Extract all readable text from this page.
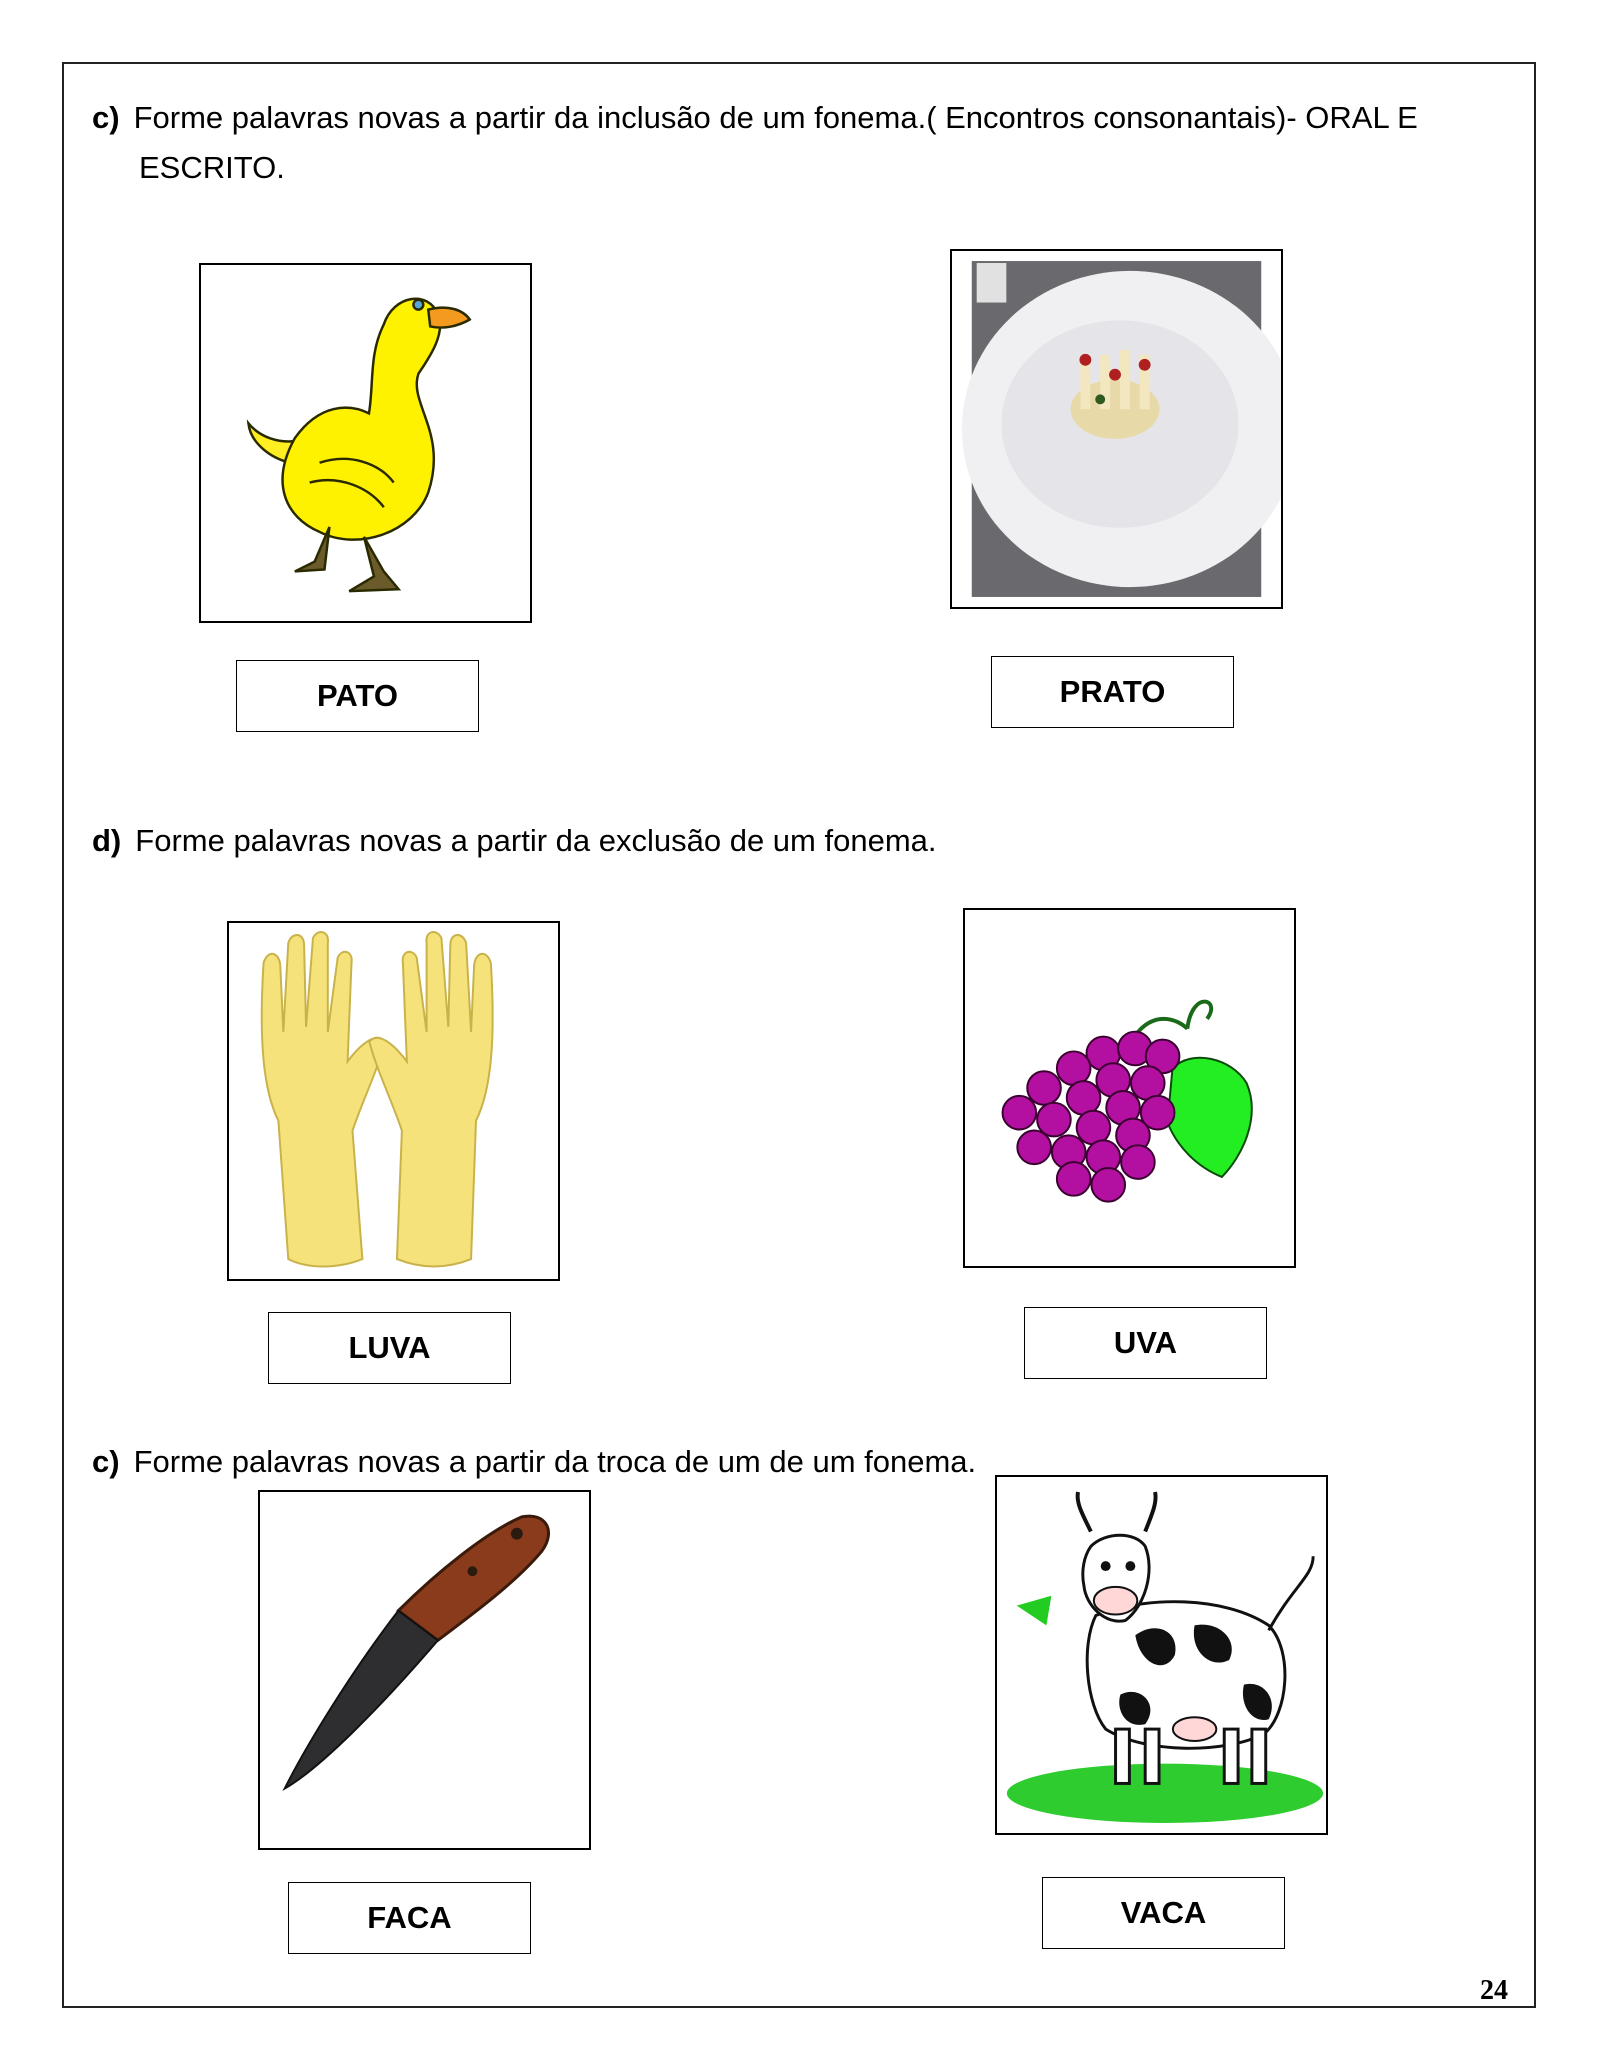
c) Forme palavras novas a partir da inclusão de um fonema.( Encontros consonantais)- ORAL E
ESCRITO.
PATO	PRATO
d) Forme palavras novas a partir da exclusão de um fonema.
LUVA	UVA
c) Forme palavras novas a partir da troca de um de um fonema.
FACA	VACA
24
